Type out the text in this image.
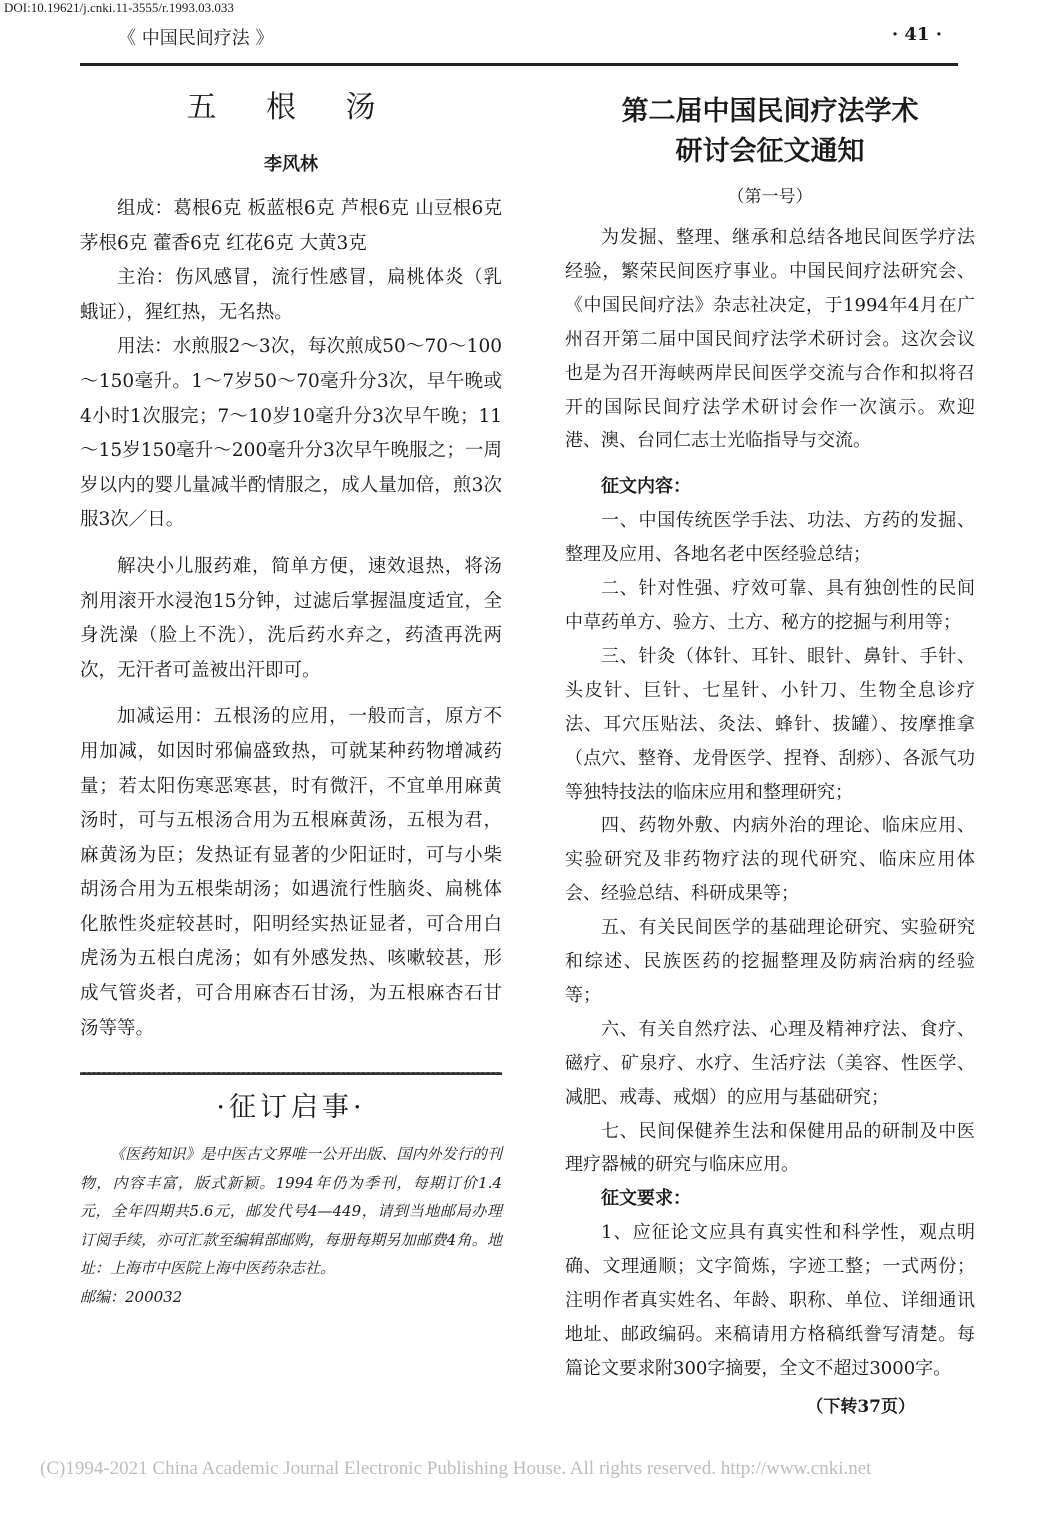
DOI:10.19621/j.cnki.11-3555/r.1993.03.033
《 中国民间疗法 》	· 41 ·
五 根 汤
李风林

组成：葛根6克 板蓝根6克 芦根6克 山豆根6克 茅根6克 藿香6克 红花6克 大黄3克

主治：伤风感冒，流行性感冒，扁桃体炎（乳蛾证），猩红热，无名热。

用法：水煎服2～3次，每次煎成50～70～100～150毫升。1～7岁50～70毫升分3次，早午晚或4小时1次服完；7～10岁10毫升分3次早午晚；11～15岁150毫升～200毫升分3次早午晚服之；一周岁以内的婴儿量减半酌情服之，成人量加倍，煎3次服3次／日。

解决小儿服药难，简单方便，速效退热，将汤剂用滚开水浸泡15分钟，过滤后掌握温度适宜，全身洗澡（脸上不洗），洗后药水弃之，药渣再洗两次，无汗者可盖被出汗即可。

加减运用：五根汤的应用，一般而言，原方不用加减，如因时邪偏盛致热，可就某种药物增减药量；若太阳伤寒恶寒甚，时有微汗，不宜单用麻黄汤时，可与五根汤合用为五根麻黄汤，五根为君，麻黄汤为臣；发热证有显著的少阳证时，可与小柴胡汤合用为五根柴胡汤；如遇流行性脑炎、扁桃体化脓性炎症较甚时，阳明经实热证显者，可合用白虎汤为五根白虎汤；如有外感发热、咳嗽较甚，形成气管炎者，可合用麻杏石甘汤，为五根麻杏石甘汤等等。

·征订启事·

《医药知识》是中医古文界唯一公开出版、国内外发行的刊物，内容丰富，版式新颖。1994年仍为季刊，每期订价1.4元，全年四期共5.6元，邮发代号4—449，请到当地邮局办理订阅手续，亦可汇款至编辑部邮购，每册每期另加邮费4角。地址：上海市中医院上海中医药杂志社。

邮编：200032

第二届中国民间疗法学术
研讨会征文通知
（第一号）

为发掘、整理、继承和总结各地民间医学疗法经验，繁荣民间医疗事业。中国民间疗法研究会、《中国民间疗法》杂志社决定，于1994年4月在广州召开第二届中国民间疗法学术研讨会。这次会议也是为召开海峡两岸民间医学交流与合作和拟将召开的国际民间疗法学术研讨会作一次演示。欢迎港、澳、台同仁志士光临指导与交流。

征文内容：

一、中国传统医学手法、功法、方药的发掘、整理及应用、各地名老中医经验总结；

二、针对性强、疗效可靠、具有独创性的民间中草药单方、验方、土方、秘方的挖掘与利用等；

三、针灸（体针、耳针、眼针、鼻针、手针、头皮针、巨针、七星针、小针刀、生物全息诊疗法、耳穴压贴法、灸法、蜂针、拔罐）、按摩推拿（点穴、整脊、龙骨医学、捏脊、刮痧）、各派气功等独特技法的临床应用和整理研究；

四、药物外敷、内病外治的理论、临床应用、实验研究及非药物疗法的现代研究、临床应用体会、经验总结、科研成果等；

五、有关民间医学的基础理论研究、实验研究和综述、民族医药的挖掘整理及防病治病的经验等；

六、有关自然疗法、心理及精神疗法、食疗、磁疗、矿泉疗、水疗、生活疗法（美容、性医学、减肥、戒毒、戒烟）的应用与基础研究；

七、民间保健养生法和保健用品的研制及中医理疗器械的研究与临床应用。

征文要求：

1、应征论文应具有真实性和科学性，观点明确、文理通顺；文字简炼，字迹工整；一式两份；注明作者真实姓名、年龄、职称、单位、详细通讯地址、邮政编码。来稿请用方格稿纸誊写清楚。每篇论文要求附300字摘要，全文不超过3000字。

（下转37页）
(C)1994-2021 China Academic Journal Electronic Publishing House. All rights reserved. http://www.cnki.net
